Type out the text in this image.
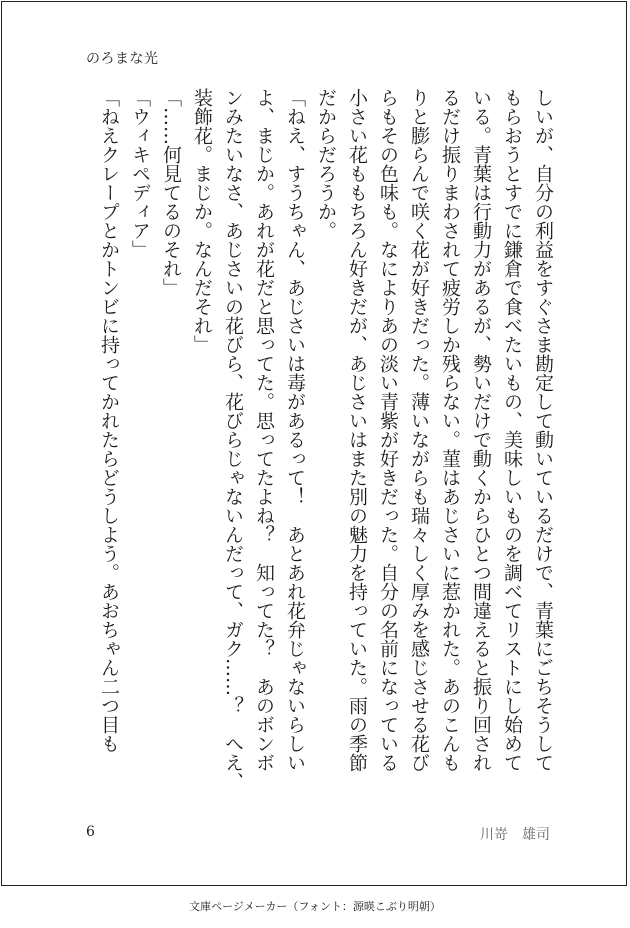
のろまな光

しいが、自分の利益をすぐさま勘定して動いているだけで、青葉にごちそうして

もらおうとすでに鎌倉で食べたいもの、美味しいものを調べてリストにし始めて

いる。青葉は行動力があるが、勢いだけで動くからひとつ間違えると振り回され

るだけ振りまわされて疲労しか残らない。菫はあじさいに惹かれた。あのこんも

りと膨らんで咲く花が好きだった。薄いながらも瑞々しく厚みを感じさせる花び

らもその色味も。なによりあの淡い青紫が好きだった。自分の名前になっている

小さい花ももちろん好きだが、あじさいはまた別の魅力を持っていた。雨の季節

だからだろうか。

「ねえ、すうちゃん、あじさいは毒があるって！　あとあれ花弁じゃないらしい

よ、まじか。あれが花だと思ってた。思ってたよね？　知ってた？　あのボンボ

ンみたいなさ、あじさいの花びら、花びらじゃないんだって、ガク……？　へえ、

装飾花。まじか。なんだそれ」

「……何見てるのそれ」

「ウィキペディア」

「ねえクレープとかトンビに持ってかれたらどうしよう。あおちゃん二つ目も

6	川嵜　雄司
文庫ページメーカー（フォント：源暎こぶり明朝）
